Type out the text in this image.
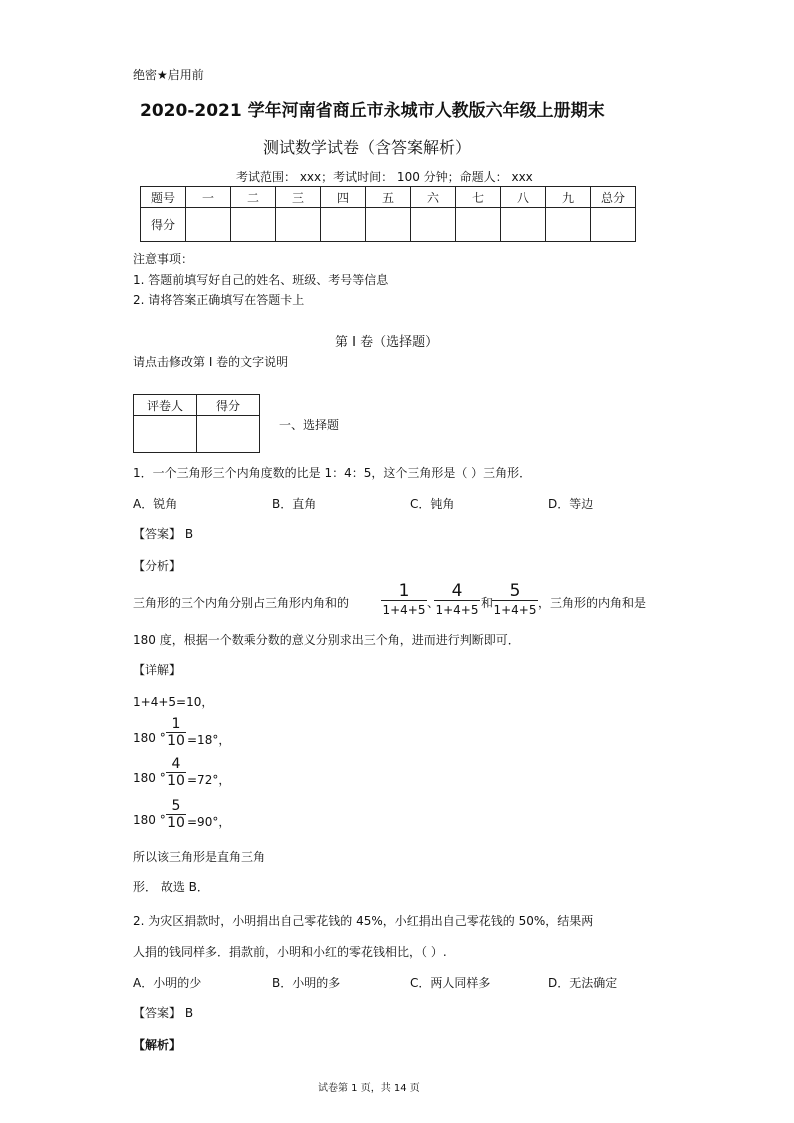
绝密★启用前
2020-2021 学年河南省商丘市永城市人教版六年级上册期末
测试数学试卷（含答案解析）
考试范围： xxx；考试时间： 100 分钟；命题人： xxx
题号	一	二	三	四	五	六	七	八	九	总分
得分										
注意事项：
1. 答题前填写好自己的姓名、班级、考号等信息
2. 请将答案正确填写在答题卡上
第 I 卷（选择题）
请点击修改第 I 卷的文字说明
评卷人	得分

一、选择题
1．一个三角形三个内角度数的比是 1：4：5，这个三角形是（ ）三角形．
A．锐角	B．直角	C．钝角	D．等边
【答案】 B
【分析】
三角形的三个内角分别占三角形内角和的
1
1+4+5 、
4
1+4+5 和
5
1+4+5 ，三角形的内角和是
180 度，根据一个数乘分数的意义分别求出三个角，进而进行判断即可．
【详解】
1+4+5=10，
180 ° $\frac{1}{10} =18^\circ$，
180 ° $\frac{4}{10} =72^\circ$，
180 ° $\frac{5}{10} =90^\circ$，
所以该三角形是直角三角
形． 故选 B．
2. 为灾区捐款时，小明捐出自己零花钱的 45%，小红捐出自己零花钱的 50%，结果两
人捐的钱同样多．捐款前，小明和小红的零花钱相比，（ ）.
A．小明的少	B．小明的多	C．两人同样多	D．无法确定
【答案】 B
【解析】
试卷第 1 页，共 14 页
